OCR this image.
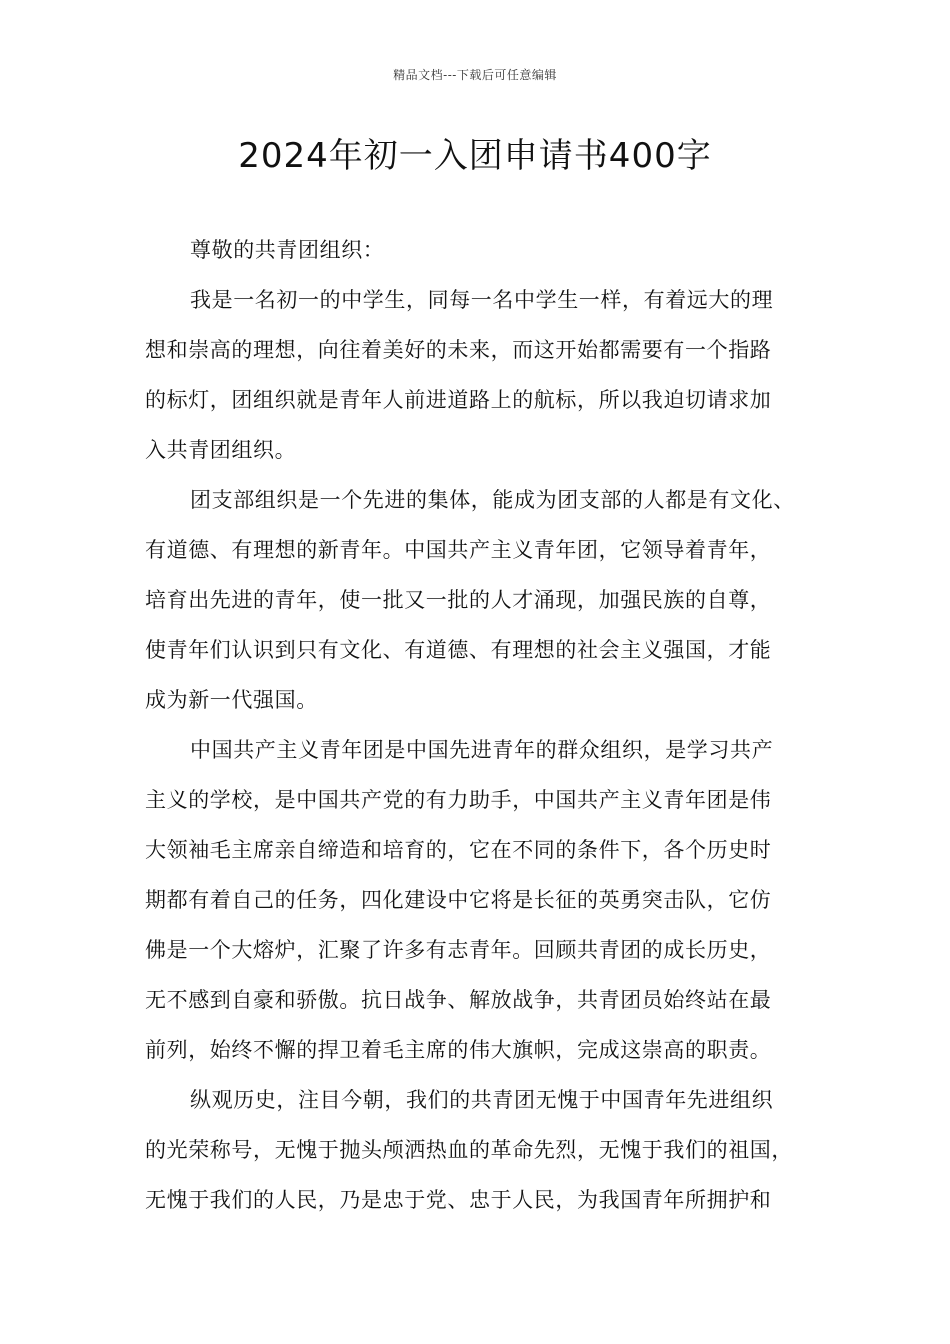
精品文档---下载后可任意编辑
2024年初一入团申请书400字
尊敬的共青团组织：
我是一名初一的中学生，同每一名中学生一样，有着远大的理
想和崇高的理想，向往着美好的未来，而这开始都需要有一个指路
的标灯，团组织就是青年人前进道路上的航标，所以我迫切请求加
入共青团组织。
团支部组织是一个先进的集体，能成为团支部的人都是有文化、
有道德、有理想的新青年。中国共产主义青年团，它领导着青年，
培育出先进的青年，使一批又一批的人才涌现，加强民族的自尊，
使青年们认识到只有文化、有道德、有理想的社会主义强国，才能
成为新一代强国。
中国共产主义青年团是中国先进青年的群众组织，是学习共产
主义的学校，是中国共产党的有力助手，中国共产主义青年团是伟
大领袖毛主席亲自缔造和培育的，它在不同的条件下，各个历史时
期都有着自己的任务，四化建设中它将是长征的英勇突击队，它仿
佛是一个大熔炉，汇聚了许多有志青年。回顾共青团的成长历史，
无不感到自豪和骄傲。抗日战争、解放战争，共青团员始终站在最
前列，始终不懈的捍卫着毛主席的伟大旗帜，完成这崇高的职责。
纵观历史，注目今朝，我们的共青团无愧于中国青年先进组织
的光荣称号，无愧于抛头颅洒热血的革命先烈，无愧于我们的祖国，
无愧于我们的人民，乃是忠于党、忠于人民，为我国青年所拥护和
